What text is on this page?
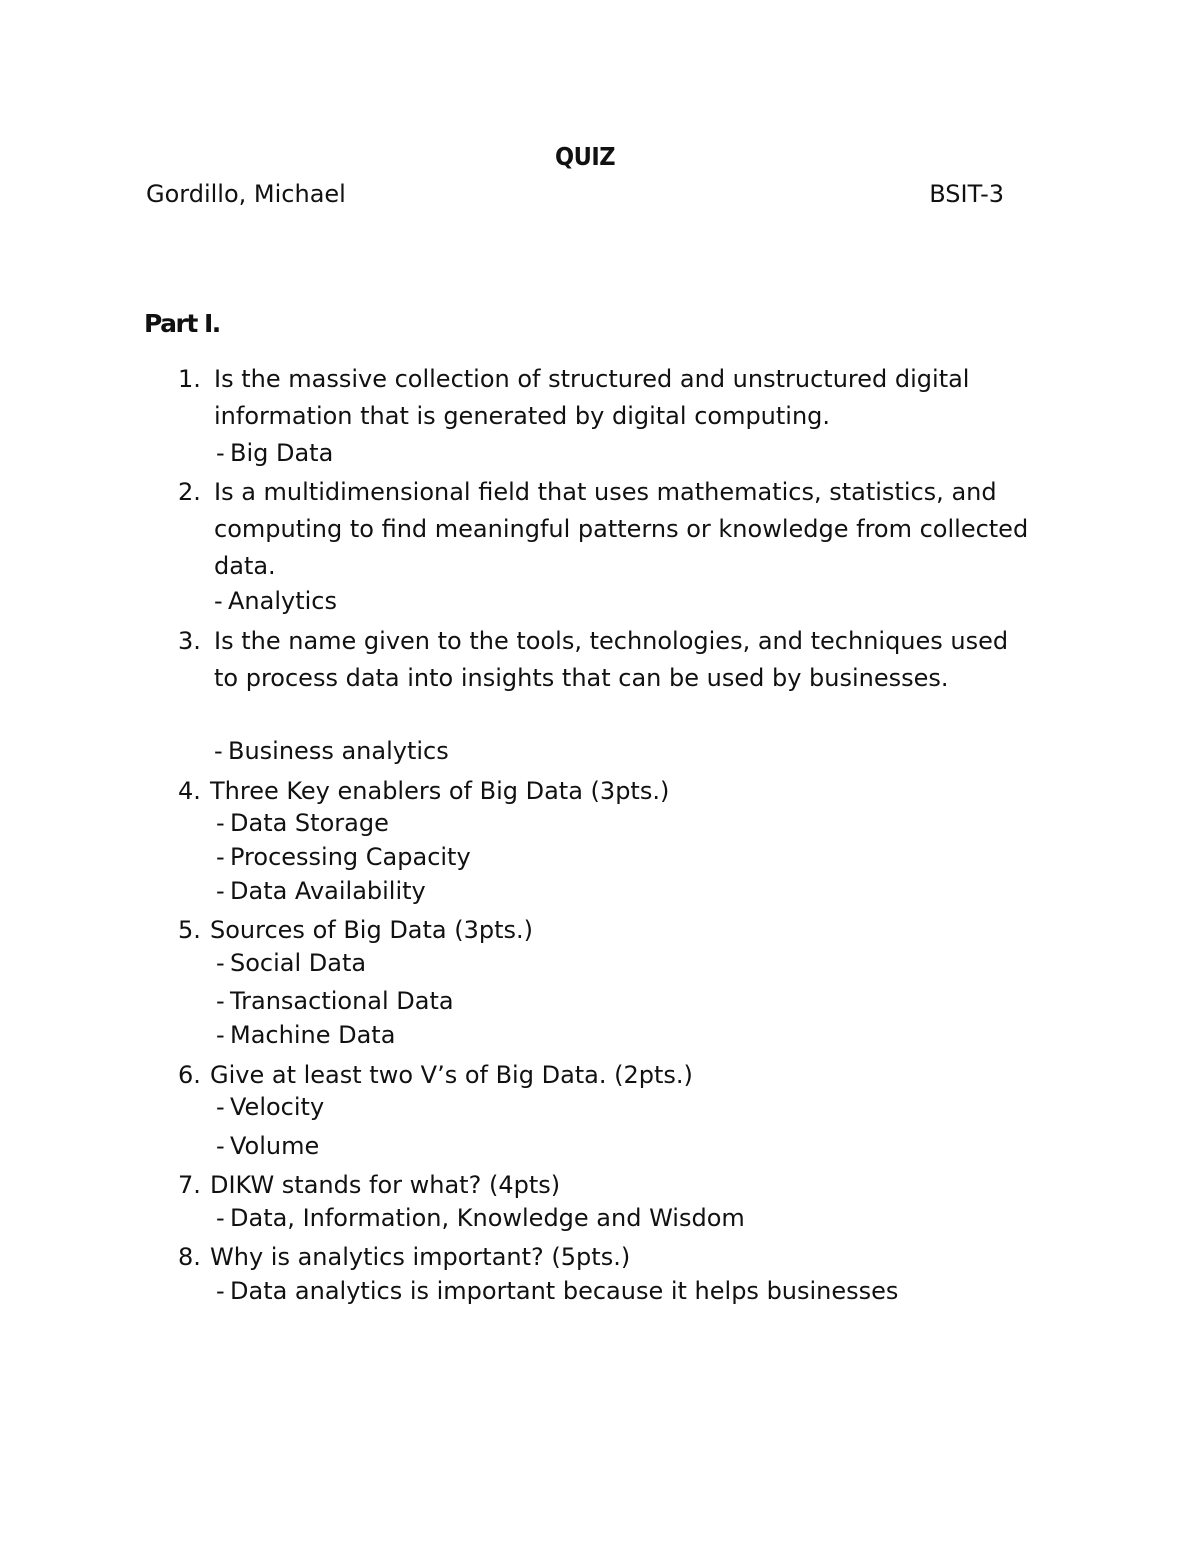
QUIZ
Gordillo, Michael	BSIT-3
Part I.
1. Is the massive collection of structured and unstructured digital information that is generated by digital computing.
- Big Data
2. Is a multidimensional field that uses mathematics, statistics, and computing to find meaningful patterns or knowledge from collected data.
- Analytics
3. Is the name given to the tools, technologies, and techniques used to process data into insights that can be used by businesses.
- Business analytics
4. Three Key enablers of Big Data (3pts.)
- Data Storage
- Processing Capacity
- Data Availability
5. Sources of Big Data (3pts.)
- Social Data
- Transactional Data
- Machine Data
6. Give at least two V’s of Big Data. (2pts.)
- Velocity
- Volume
7. DIKW stands for what? (4pts)
- Data, Information, Knowledge and Wisdom
8. Why is analytics important? (5pts.)
- Data analytics is important because it helps businesses
